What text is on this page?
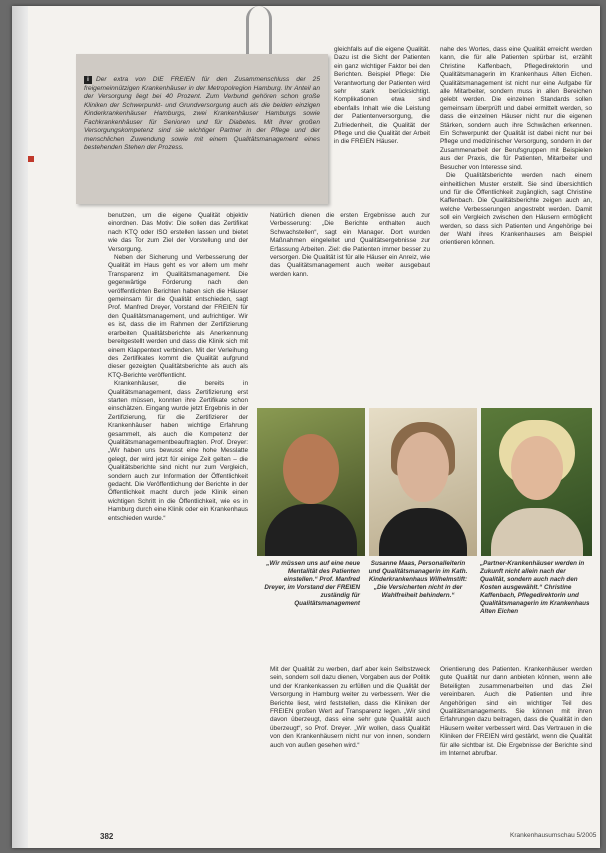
i Der extra von DIE FREIEN für den Zusammenschluss der 25 freigemeinnützigen Krankenhäuser in der Metropolregion Hamburg. Ihr Anteil an der Versorgung liegt bei 40 Prozent. Zum Verbund gehören schon große Kliniken der Schwerpunkt- und Grundversorgung auch als die beiden einzigen Kinderkrankenhäuser Hamburgs, zwei Krankenhäuser Hamburgs sowie Fachkrankenhäuser für Senioren und für Diabetes. Mit ihrer großen Versorgungskompetenz sind sie wichtiger Partner in der Pflege und der menschlichen Zuwendung sowie mit einem Qualitätsmanagement eines bestehenden Stehen der Prozess.

benutzen, um die eigene Qualität objektiv einordnen. Das Motiv: Die sollen das Zertifikat nach KTQ oder ISO erstellen lassen und bietet wie das Tor zum Ziel der Vorstellung und der Versorgung.

Neben der Sicherung und Verbesserung der Qualität im Haus geht es vor allem um mehr Transparenz im Qualitätsmanagement. Die gegenwärtige Förderung nach den veröffentlichten Berichten haben sich die Häuser gemeinsam für die Qualität entschieden, sagt Prof. Manfred Dreyer, Vorstand der FREIEN für den Qualitätsmanagement, und aufrichtiger. Wir es ist, dass die im Rahmen der Zertifizierung erarbeiten Qualitätsberichte als Anerkennung bereitgestellt werden und dass die Klinik sich mit einem Klappentext verbinden. Mit der Verleihung des Zertifikates kommt die Qualität aufgrund dieser gezeigten Qualitätsberichte als auch als KTQ-Berichte veröffentlicht.

Krankenhäuser, die bereits in Qualitätsmanagement, dass Zertifizierung erst starten müssen, konnten ihre Zertifikate schon einschätzen. Eingang wurde jetzt Ergebnis in der Zertifizierung, für die Zertifizierer der Krankenhäuser haben wichtige Erfahrung gesammelt, als auch die Kompetenz der Qualitätsmanagementbeauftragten. Prof. Dreyer: „Wir haben uns bewusst eine hohe Messlatte gelegt, der wird jetzt für einige Zeit gelten – die Qualitätsberichte sind nicht nur zum Vergleich, sondern auch zur Information der Öffentlichkeit gedacht. Die Veröffentlichung der Berichte in der Öffentlichkeit macht durch jede Klinik einen wichtigen Schritt in die Öffentlichkeit, wie es in Hamburg durch eine Klinik oder ein Krankenhaus entschieden wurde.“

gleichfalls auf die eigene Qualität. Dazu ist die Sicht der Patienten ein ganz wichtiger Faktor bei den Berichten. Beispiel Pflege: Die Verantwortung der Patienten wird sehr stark berücksichtigt. Komplikationen etwa sind ebenfalls Inhalt wie die Leistung der Patientenversorgung, die Zufriedenheit, die Qualität der Pflege und die Qualität der Arbeit in die FREIEN Häuser.

Natürlich dienen die ersten Ergebnisse auch zur Verbesserung: „Die Berichte enthalten auch Schwachstellen“, sagt ein Manager. Dort wurden Maßnahmen eingeleitet und Qualitätsergebnisse zur Erfassung Arbeiten. Ziel: die Patienten immer besser zu versorgen. Die Qualität ist für alle Häuser ein Anreiz, wie das Qualitätsmanagement auch weiter ausgebaut werden kann.

nahe des Wortes, dass eine Qualität erreicht werden kann, die für alle Patienten spürbar ist, erzählt Christine Kaffenbach, Pflegedirektorin und Qualitätsmanagerin im Krankenhaus Alten Eichen. Qualitätsmanagement ist nicht nur eine Aufgabe für alle Mitarbeiter, sondern muss in allen Bereichen gelebt werden. Die einzelnen Standards sollen gemeinsam überprüft und dabei ermittelt werden, so dass die einzelnen Häuser nicht nur die eigenen Stärken, sondern auch ihre Schwächen erkennen. Ein Schwerpunkt der Qualität ist dabei nicht nur bei Pflege und medizinischer Versorgung, sondern in der Zusammenarbeit der Berufsgruppen mit Beispielen aus der Praxis, die für Patienten, Mitarbeiter und Besucher von Interesse sind.

Die Qualitätsberichte werden nach einem einheitlichen Muster erstellt. Sie sind übersichtlich und für die Öffentlichkeit zugänglich, sagt Christine Kaffenbach. Die Qualitätsberichte zeigen auch an, welche Verbesserungen angestrebt werden. Damit soll ein Vergleich zwischen den Häusern ermöglicht werden, so dass sich Patienten und Angehörige bei der Wahl ihres Krankenhauses am Beispiel orientieren können.

„Wir müssen uns auf eine neue Mentalität des Patienten einstellen.“ Prof. Manfred Dreyer, im Vorstand der FREIEN zuständig für Qualitätsmanagement
Susanne Maas, Personalleiterin und Qualitätsmanagerin im Kath. Kinderkrankenhaus Wilhelmstift: „Die Versicherten nicht in der Wahlfreiheit behindern.“
„Partner-Krankenhäuser werden in Zukunft nicht allein nach der Qualität, sondern auch nach den Kosten ausgewählt.“ Christine Kaffenbach, Pflegedirektorin und Qualitätsmanagerin im Krankenhaus Alten Eichen

Mit der Qualität zu werben, darf aber kein Selbstzweck sein, sondern soll dazu dienen, Vorgaben aus der Politik und der Krankenkassen zu erfüllen und die Qualität der Versorgung in Hamburg weiter zu verbessern. Wer die Berichte liest, wird feststellen, dass die Kliniken der FREIEN großen Wert auf Transparenz legen. „Wir sind davon überzeugt, dass eine sehr gute Qualität auch überzeugt“, so Prof. Dreyer. „Wir wollen, dass Qualität von den Krankenhäusern nicht nur von innen, sondern auch von außen gesehen wird.“

Orientierung des Patienten. Krankenhäuser werden gute Qualität nur dann anbieten können, wenn alle Beteiligten zusammenarbeiten und das Ziel vereinbaren. Auch die Patienten und ihre Angehörigen sind ein wichtiger Teil des Qualitätsmanagements. Sie können mit ihren Erfahrungen dazu beitragen, dass die Qualität in den Häusern weiter verbessert wird. Das Vertrauen in die Kliniken der FREIEN wird gestärkt, wenn die Qualität für alle sichtbar ist. Die Ergebnisse der Berichte sind im Internet abrufbar.

382	Krankenhausumschau 5/2005
